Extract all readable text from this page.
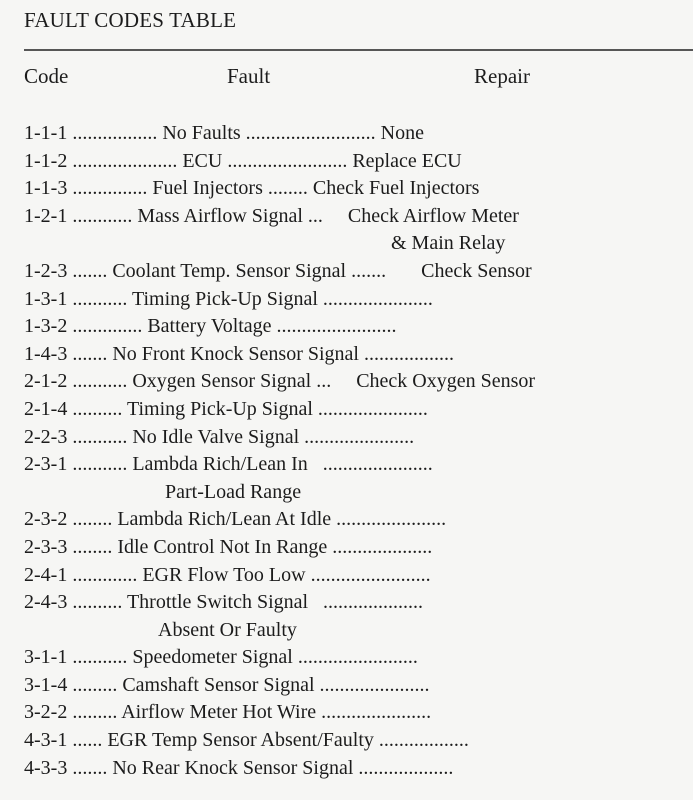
FAULT CODES TABLE
Code	Fault	Repair
1-1-1 ................. No Faults .......................... None
1-1-2 ..................... ECU ........................ Replace ECU
1-1-3 ............... Fuel Injectors ........ Check Fuel Injectors
1-2-1 ............ Mass Airflow Signal ...     Check Airflow Meter
& Main Relay
1-2-3 ....... Coolant Temp. Sensor Signal .......       Check Sensor
1-3-1 ........... Timing Pick-Up Signal ......................
1-3-2 .............. Battery Voltage ........................
1-4-3 ....... No Front Knock Sensor Signal ..................
2-1-2 ........... Oxygen Sensor Signal ...     Check Oxygen Sensor
2-1-4 .......... Timing Pick-Up Signal ......................
2-2-3 ........... No Idle Valve Signal ......................
2-3-1 ........... Lambda Rich/Lean In   ......................
Part-Load Range
2-3-2 ........ Lambda Rich/Lean At Idle ......................
2-3-3 ........ Idle Control Not In Range ....................
2-4-1 ............. EGR Flow Too Low ........................
2-4-3 .......... Throttle Switch Signal   ....................
Absent Or Faulty
3-1-1 ........... Speedometer Signal ........................
3-1-4 ......... Camshaft Sensor Signal ......................
3-2-2 ......... Airflow Meter Hot Wire ......................
4-3-1 ...... EGR Temp Sensor Absent/Faulty ..................
4-3-3 ....... No Rear Knock Sensor Signal ...................
